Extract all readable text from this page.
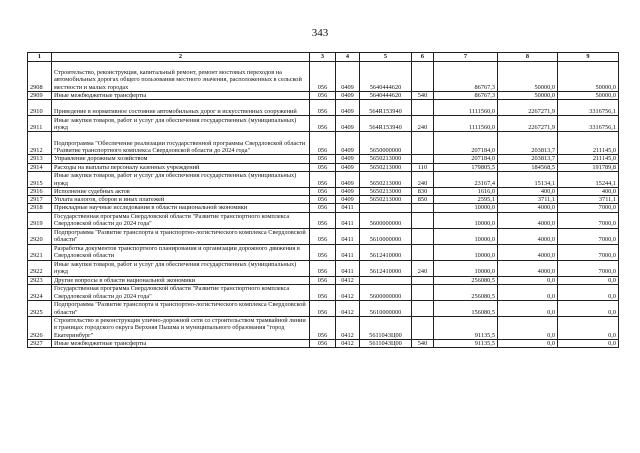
343
1	2	3	4	5	6	7	8	9
2908	Строительство, реконструкция, капитальный ремонт, ремонт мостовых переходов на автомобильных дорогах общего пользования местного значения, расположенных в сельской местности и малых городах	056	0409	5640444620		86767,3	50000,0	50000,0
2909	Иные межбюджетные трансферты	056	0409	5640444620	540	86767,3	50000,0	50000,0
2910	Приведение в нормативное состояние автомобильных дорог и искусственных сооружений	056	0409	564R153940		1111560,0	2267271,9	3316756,1
2911	Иные закупки товаров, работ и услуг для обеспечения государственных (муниципальных) нужд	056	0409	564R153940	240	1111560,0	2267271,9	3316756,1
2912	Подпрограмма "Обеспечение реализации государственной программы Свердловской области "Развитие транспортного комплекса Свердловской области до 2024 года"	056	0409	5650000000		207184,0	203813,7	211145,0
2913	Управление дорожным хозяйством	056	0409	5650213000		207184,0	203813,7	211145,0
2914	Расходы на выплаты персоналу казенных учреждений	056	0409	5650213000	110	179805,5	184568,5	191789,8
2915	Иные закупки товаров, работ и услуг для обеспечения государственных (муниципальных) нужд	056	0409	5650213000	240	23167,4	15134,1	15244,1
2916	Исполнение судебных актов	056	0409	5650213000	830	1616,0	400,0	400,0
2917	Уплата налогов, сборов и иных платежей	056	0409	5650213000	850	2595,1	3711,1	3711,1
2918	Прикладные научные исследования в области национальной экономики	056	0411			10000,0	4000,0	7000,0
2919	Государственная программа Свердловской области "Развитие транспортного комплекса Свердловской области до 2024 года"	056	0411	5600000000		10000,0	4000,0	7000,0
2920	Подпрограмма "Развитие транспорта и транспортно-логистического комплекса Свердловской области"	056	0411	5610000000		10000,0	4000,0	7000,0
2921	Разработка документов транспортного планирования и организации дорожного движения в Свердловской области	056	0411	5612410000		10000,0	4000,0	7000,0
2922	Иные закупки товаров, работ и услуг для обеспечения государственных (муниципальных) нужд	056	0411	5612410000	240	10000,0	4000,0	7000,0
2923	Другие вопросы в области национальной экономики	056	0412			256080,5	0,0	0,0
2924	Государственная программа Свердловской области "Развитие транспортного комплекса Свердловской области до 2024 года"	056	0412	5600000000		256080,5	0,0	0,0
2925	Подпрограмма "Развитие транспорта и транспортно-логистического комплекса Свердловской области"	056	0412	5610000000		156080,5	0,0	0,0
2926	Строительство и реконструкция улично-дорожной сети со строительством трамвайной линии в границах городского округа Верхняя Пышма и муниципального образования "город Екатеринбург"	056	0412	5611043Ц00		91135,5	0,0	0,0
2927	Иные межбюджетные трансферты	056	0412	5611043Ц00	540	91135,5	0,0	0,0
